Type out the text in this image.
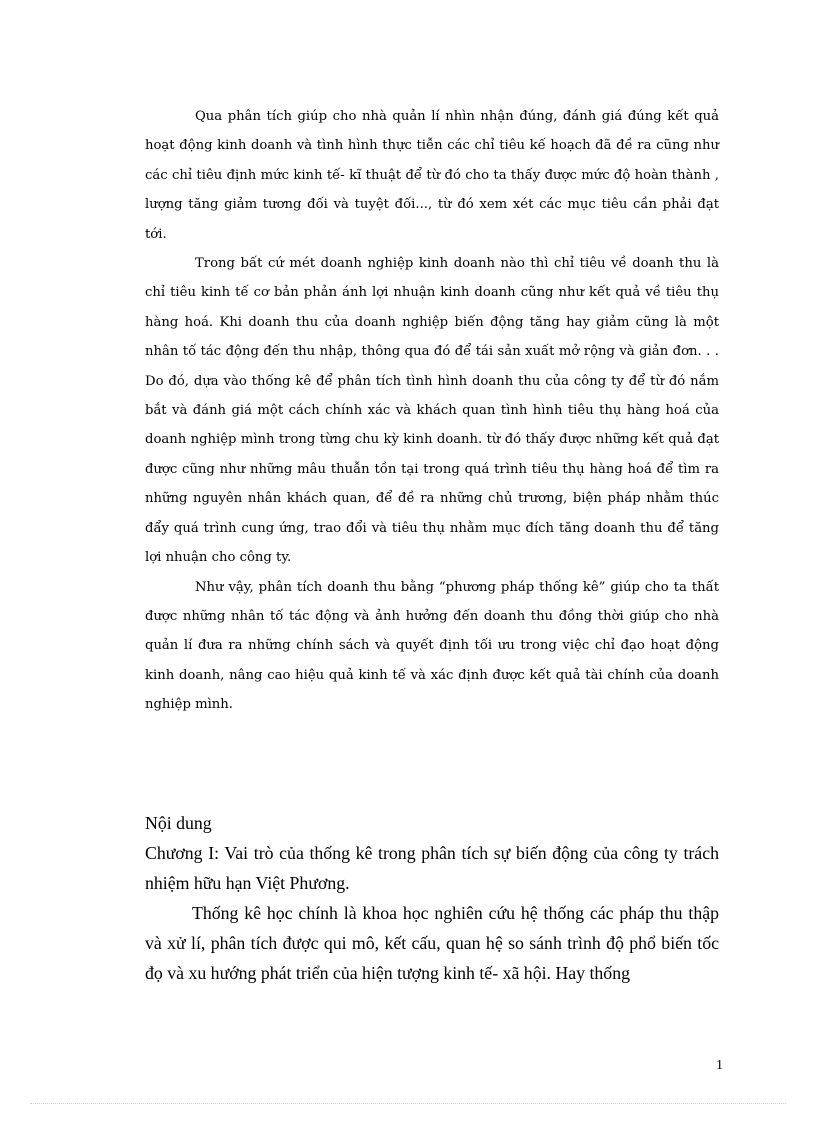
Qua phân tích giúp cho nhà quản lí nhìn nhận đúng, đánh giá đúng kết quả hoạt động kinh doanh và tình hình thực tiễn các chỉ tiêu kế hoạch đã đề ra cũng như các chỉ tiêu định mức kinh tế- kĩ thuật để từ đó cho ta thấy được mức độ hoàn thành , lượng tăng giảm tương đối và tuyệt đối..., từ đó xem xét các mục tiêu cần phải đạt tới.

Trong bất cứ mét doanh nghiệp kinh doanh nào thì chỉ tiêu về doanh thu là chỉ tiêu kinh tế cơ bản phản ánh lợi nhuận kinh doanh cũng như kết quả về tiêu thụ hàng hoá. Khi doanh thu của doanh nghiệp biến động tăng hay giảm cũng là một nhân tố tác động đến thu nhập, thông qua đó để tái sản xuất mở rộng và giản đơn. . . Do đó, dựa vào thống kê để phân tích tình hình doanh thu của công ty để từ đó nắm bắt và đánh giá một cách chính xác và khách quan tình hình tiêu thụ hàng hoá của doanh nghiệp mình trong từng chu kỳ kinh doanh. từ đó thấy được những kết quả đạt được cũng như những mâu thuẫn tồn tại trong quá trình tiêu thụ hàng hoá để tìm ra những nguyên nhân khách quan, để đề ra những chủ trương, biện pháp nhằm thúc đẩy quá trình cung ứng, trao đổi và tiêu thụ nhằm mục đích tăng doanh thu để tăng lợi nhuận cho công ty.

Như vậy, phân tích doanh thu bằng “phương pháp thống kê” giúp cho ta thất được những nhân tố tác động và ảnh hưởng đến doanh thu đồng thời giúp cho nhà quản lí đưa ra những chính sách và quyết định tối ưu trong việc chỉ đạo hoạt động kinh doanh, nâng cao hiệu quả kinh tế và xác định được kết quả tài chính của doanh nghiệp mình.

Nội dung

Chương I: Vai trò của thống kê trong phân tích sự biến động của công ty trách nhiệm hữu hạn Việt Phương.

Thống kê học chính là khoa học nghiên cứu hệ thống các pháp thu thập và xử lí, phân tích được qui mô, kết cấu, quan hệ so sánh trình độ phổ biến tốc đọ và xu hướng phát triển của hiện tượng kinh tế- xã hội. Hay thống

1
